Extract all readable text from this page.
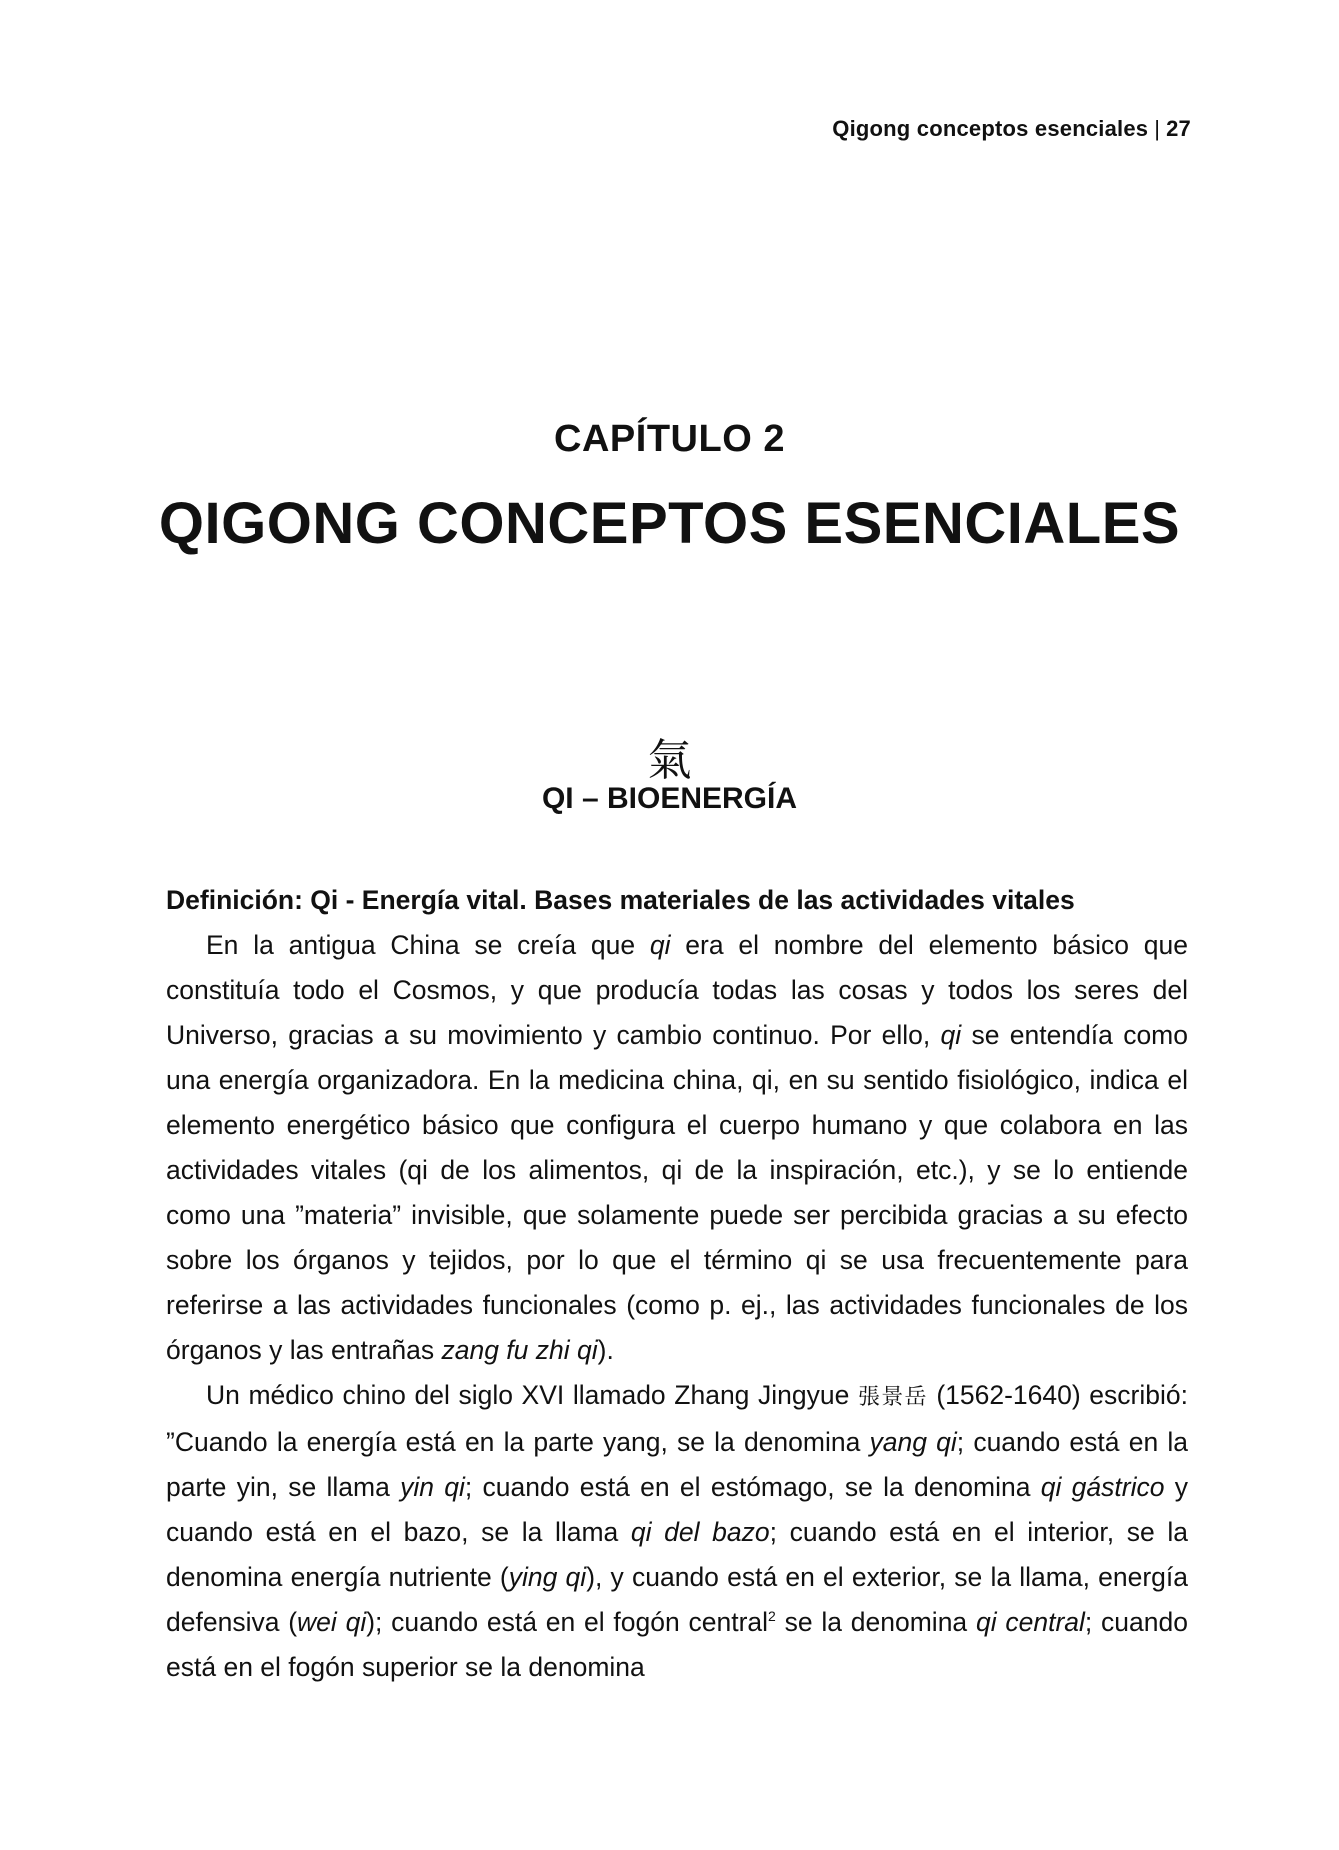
Qigong conceptos esenciales | 27
CAPÍTULO 2
QIGONG CONCEPTOS ESENCIALES
氣
QI – BIOENERGÍA

Definición: Qi - Energía vital. Bases materiales de las actividades vitales

En la antigua China se creía que qi era el nombre del elemento básico que constituía todo el Cosmos, y que producía todas las cosas y todos los seres del Universo, gracias a su movimiento y cambio continuo. Por ello, qi se entendía como una energía organizadora. En la medicina china, qi, en su sentido fisiológico, indica el elemento energético básico que configura el cuerpo humano y que colabora en las actividades vitales (qi de los alimentos, qi de la inspiración, etc.), y se lo entiende como una ”materia” invisible, que solamente puede ser percibida gracias a su efecto sobre los órganos y tejidos, por lo que el término qi se usa frecuentemente para referirse a las actividades funcionales (como p. ej., las actividades funcionales de los órganos y las entrañas zang fu zhi qi).

Un médico chino del siglo XVI llamado Zhang Jingyue 張景岳 (1562-1640) escribió: ”Cuando la energía está en la parte yang, se la denomina yang qi; cuando está en la parte yin, se llama yin qi; cuando está en el estómago, se la denomina qi gástrico y cuando está en el bazo, se la llama qi del bazo; cuando está en el interior, se la denomina energía nutriente (ying qi), y cuando está en el exterior, se la llama, energía defensiva (wei qi); cuando está en el fogón central$^2$ se la denomina qi central; cuando está en el fogón superior se la denomina
